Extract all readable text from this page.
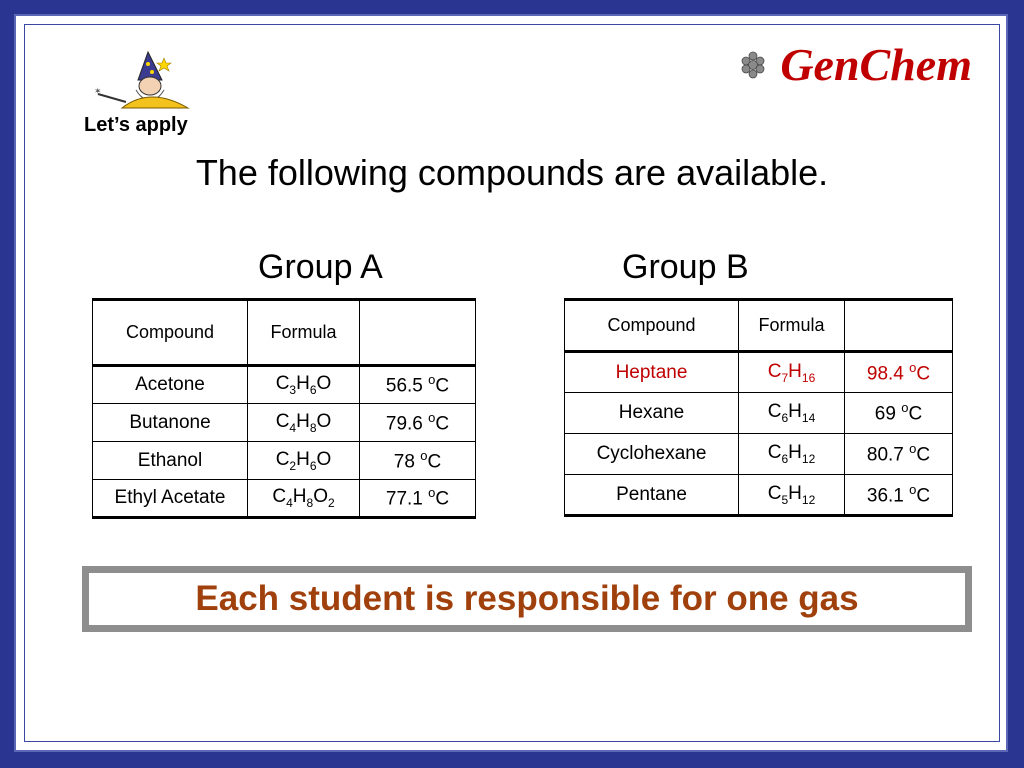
✶
Let’s apply
GenChem
The following compounds are available.
Group A	Group B
Compound	Formula	
Acetone	$C_3H_6O$	56.5 $^o$C
Butanone	$C_4H_8O$	79.6 $^o$C
Ethanol	$C_2H_6O$	78 $^o$C
Ethyl Acetate	$C_4H_8O_2$	77.1 $^o$C
Compound	Formula	
Heptane	$C_7H_{16}$	98.4 $^o$C
Hexane	$C_6H_{14}$	69 $^o$C
Cyclohexane	$C_6H_{12}$	80.7 $^o$C
Pentane	$C_5H_{12}$	36.1 $^o$C
Each student is responsible for one gas
